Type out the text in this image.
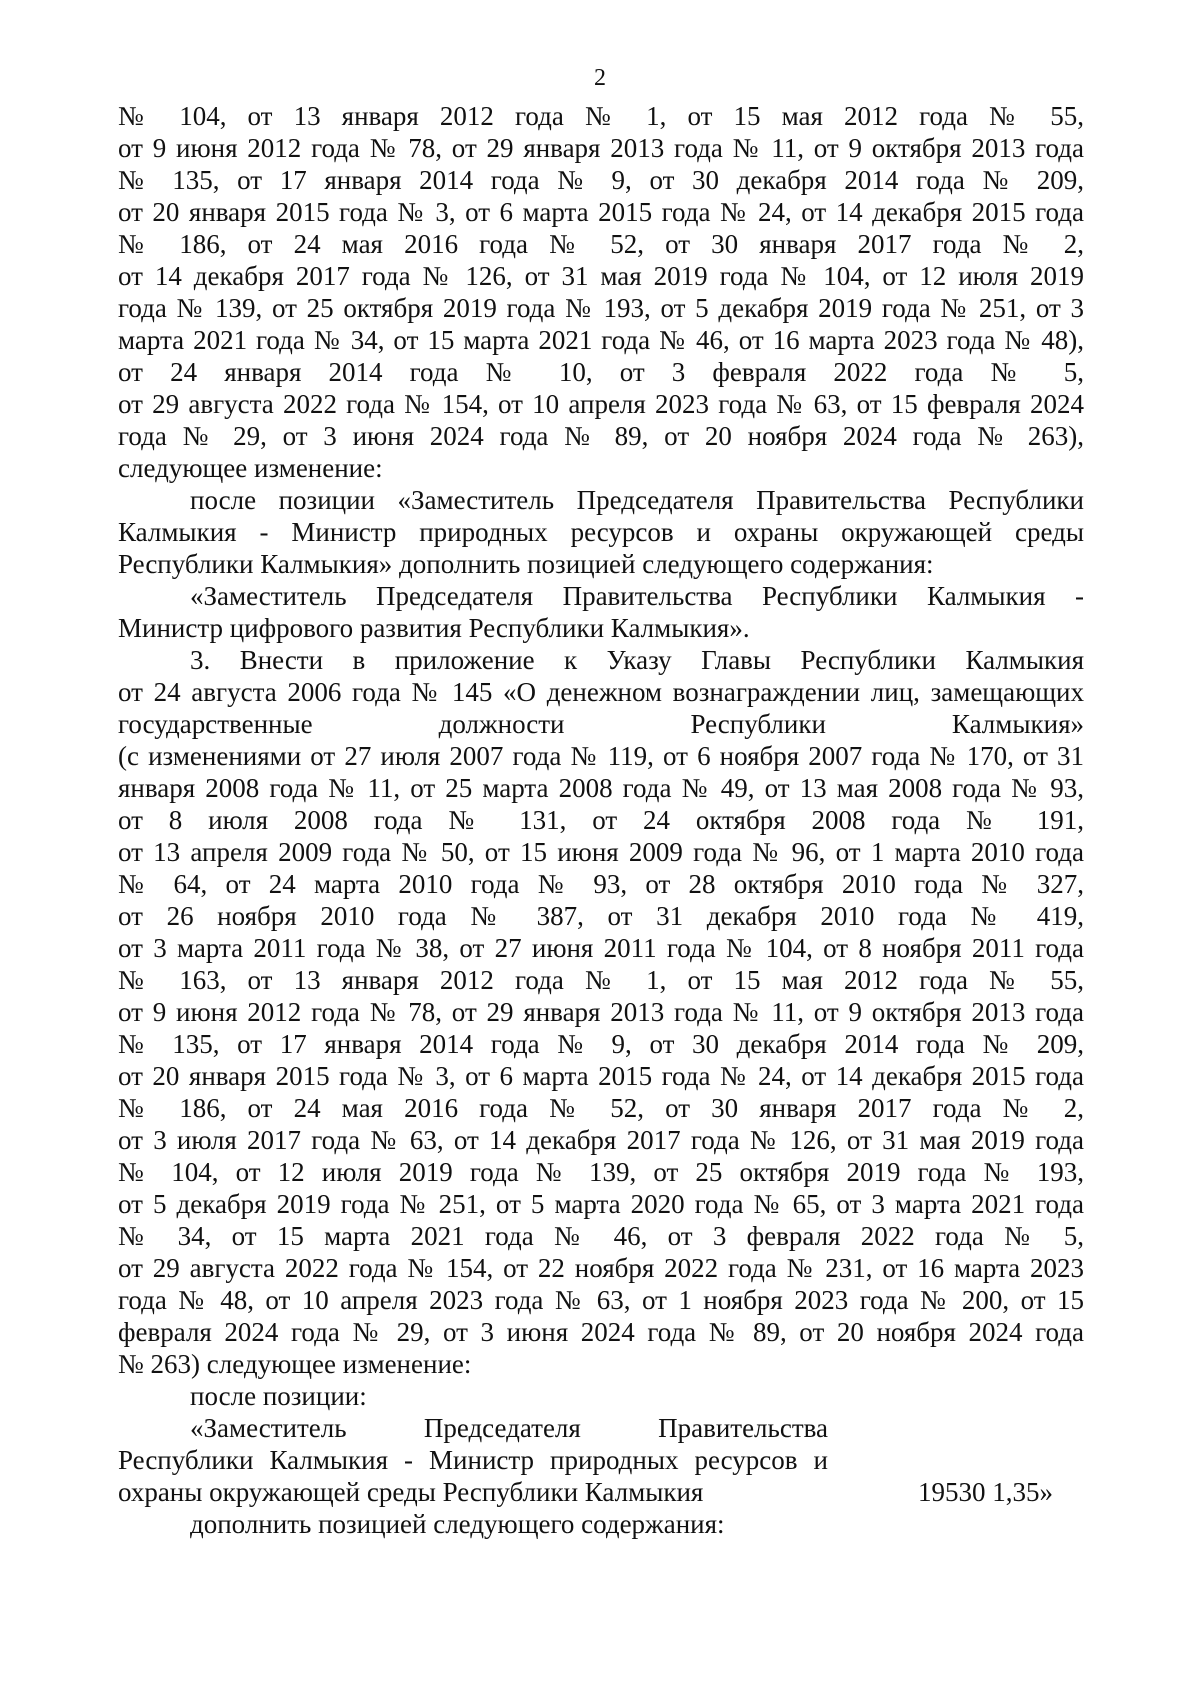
2

№ 104, от 13 января 2012 года № 1, от 15 мая 2012 года № 55,

от 9 июня 2012 года № 78, от 29 января 2013 года № 11, от 9 октября 2013 года

№ 135, от 17 января 2014 года № 9, от 30 декабря 2014 года № 209,

от 20 января 2015 года № 3, от 6 марта 2015 года № 24, от 14 декабря 2015 года

№ 186, от 24 мая 2016 года № 52, от 30 января 2017 года № 2,

от 14 декабря 2017 года № 126, от 31 мая 2019 года № 104, от 12 июля 2019

года № 139, от 25 октября 2019 года № 193, от 5 декабря 2019 года № 251, от 3

марта 2021 года № 34, от 15 марта 2021 года № 46, от 16 марта 2023 года № 48),

от 24 января 2014 года № 10, от 3 февраля 2022 года № 5,

от 29 августа 2022 года № 154, от 10 апреля 2023 года № 63, от 15 февраля 2024

года № 29, от 3 июня 2024 года № 89, от 20 ноября 2024 года № 263),

следующее изменение:

после позиции «Заместитель Председателя Правительства Республики

Калмыкия - Министр природных ресурсов и охраны окружающей среды

Республики Калмыкия» дополнить позицией следующего содержания:

«Заместитель Председателя Правительства Республики Калмыкия -

Министр цифрового развития Республики Калмыкия».

3. Внести в приложение к Указу Главы Республики Калмыкия

от 24 августа 2006 года № 145 «О денежном вознаграждении лиц, замещающих

государственные должности Республики Калмыкия»

(с изменениями от 27 июля 2007 года № 119, от 6 ноября 2007 года № 170, от 31

января 2008 года № 11, от 25 марта 2008 года № 49, от 13 мая 2008 года № 93,

от 8 июля 2008 года № 131, от 24 октября 2008 года № 191,

от 13 апреля 2009 года № 50, от 15 июня 2009 года № 96, от 1 марта 2010 года

№ 64, от 24 марта 2010 года № 93, от 28 октября 2010 года № 327,

от 26 ноября 2010 года № 387, от 31 декабря 2010 года № 419,

от 3 марта 2011 года № 38, от 27 июня 2011 года № 104, от 8 ноября 2011 года

№ 163, от 13 января 2012 года № 1, от 15 мая 2012 года № 55,

от 9 июня 2012 года № 78, от 29 января 2013 года № 11, от 9 октября 2013 года

№ 135, от 17 января 2014 года № 9, от 30 декабря 2014 года № 209,

от 20 января 2015 года № 3, от 6 марта 2015 года № 24, от 14 декабря 2015 года

№ 186, от 24 мая 2016 года № 52, от 30 января 2017 года № 2,

от 3 июля 2017 года № 63, от 14 декабря 2017 года № 126, от 31 мая 2019 года

№ 104, от 12 июля 2019 года № 139, от 25 октября 2019 года № 193,

от 5 декабря 2019 года № 251, от 5 марта 2020 года № 65, от 3 марта 2021 года

№ 34, от 15 марта 2021 года № 46, от 3 февраля 2022 года № 5,

от 29 августа 2022 года № 154, от 22 ноября 2022 года № 231, от 16 марта 2023

года № 48, от 10 апреля 2023 года № 63, от 1 ноября 2023 года № 200, от 15

февраля 2024 года № 29, от 3 июня 2024 года № 89, от 20 ноября 2024 года

№ 263) следующее изменение:

после позиции:

«Заместитель Председателя Правительства

Республики Калмыкия - Министр природных ресурсов и

охраны окружающей среды Республики Калмыкия	19530 1,35»

дополнить позицией следующего содержания:
